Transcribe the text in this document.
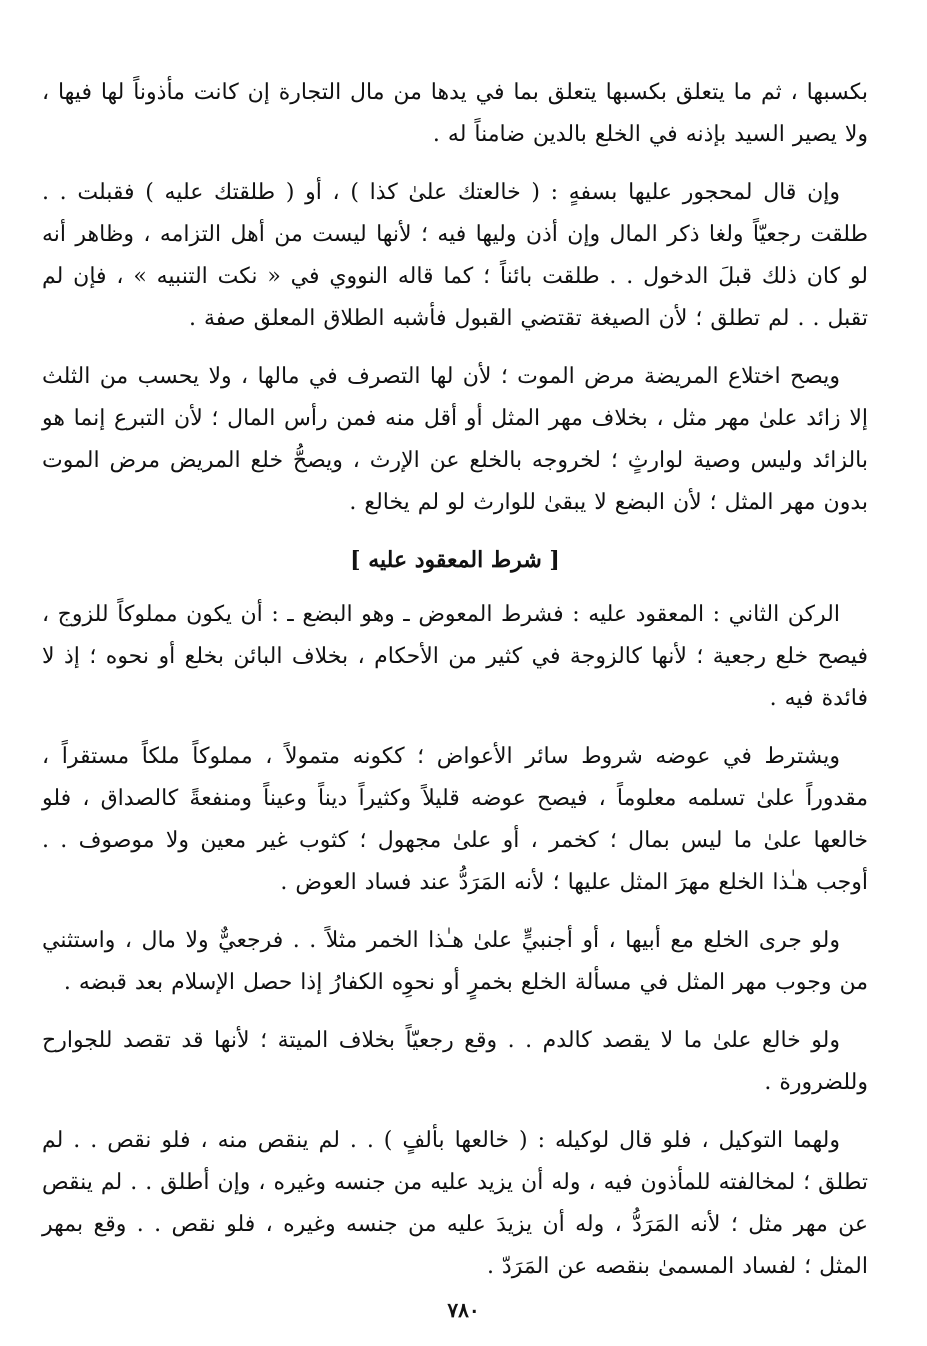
بكسبها ، ثم ما يتعلق بكسبها يتعلق بما في يدها من مال التجارة إن كانت مأذوناً لها فيها ، ولا يصير السيد بإذنه في الخلع بالدين ضامناً له .

وإن قال لمحجور عليها بسفهٍ : ( خالعتك علىٰ كذا ) ، أو ( طلقتك عليه ) فقبلت . . طلقت رجعيّاً ولغا ذكر المال وإن أذن وليها فيه ؛ لأنها ليست من أهل التزامه ، وظاهر أنه لو كان ذلك قبلَ الدخول . . طلقت بائناً ؛ كما قاله النووي في « نكت التنبيه » ، فإن لم تقبل . . لم تطلق ؛ لأن الصيغة تقتضي القبول فأشبه الطلاق المعلق صفة .

ويصح اختلاع المريضة مرض الموت ؛ لأن لها التصرف في مالها ، ولا يحسب من الثلث إلا زائد علىٰ مهر مثل ، بخلاف مهر المثل أو أقل منه فمن رأس المال ؛ لأن التبرع إنما هو بالزائد وليس وصية لوارثٍ ؛ لخروجه بالخلع عن الإرث ، ويصحُّ خلع المريض مرض الموت بدون مهر المثل ؛ لأن البضع لا يبقىٰ للوارث لو لم يخالع .

[ شرط المعقود عليه ]

الركن الثاني : المعقود عليه : فشرط المعوض ـ وهو البضع ـ : أن يكون مملوكاً للزوج ، فيصح خلع رجعية ؛ لأنها كالزوجة في كثير من الأحكام ، بخلاف البائن بخلع أو نحوه ؛ إذ لا فائدة فيه .

ويشترط في عوضه شروط سائر الأعواض ؛ ككونه متمولاً ، مملوكاً ملكاً مستقراً ، مقدوراً علىٰ تسلمه معلوماً ، فيصح عوضه قليلاً وكثيراً ديناً وعيناً ومنفعةً كالصداق ، فلو خالعها علىٰ ما ليس بمال ؛ كخمر ، أو علىٰ مجهول ؛ كثوب غير معين ولا موصوف . . أوجب هـٰذا الخلع مهرَ المثل عليها ؛ لأنه المَرَدُّ عند فساد العوض .

ولو جرى الخلع مع أبيها ، أو أجنبيٍّ علىٰ هـٰذا الخمر مثلاً . . فرجعيٌّ ولا مال ، واستثني من وجوب مهر المثل في مسألة الخلع بخمرٍ أو نحوِه الكفارُ إذا حصل الإسلام بعد قبضه .

ولو خالع علىٰ ما لا يقصد كالدم . . وقع رجعيّاً بخلاف الميتة ؛ لأنها قد تقصد للجوارح وللضرورة .

ولهما التوكيل ، فلو قال لوكيله : ( خالعها بألفٍ ) . . لم ينقص منه ، فلو نقص . . لم تطلق ؛ لمخالفته للمأذون فيه ، وله أن يزيد عليه من جنسه وغيره ، وإن أطلق . . لم ينقص عن مهر مثل ؛ لأنه المَرَدُّ ، وله أن يزيدَ عليه من جنسه وغيره ، فلو نقص . . وقع بمهر المثل ؛ لفساد المسمىٰ بنقصه عن المَرَدّ .

٧٨٠
